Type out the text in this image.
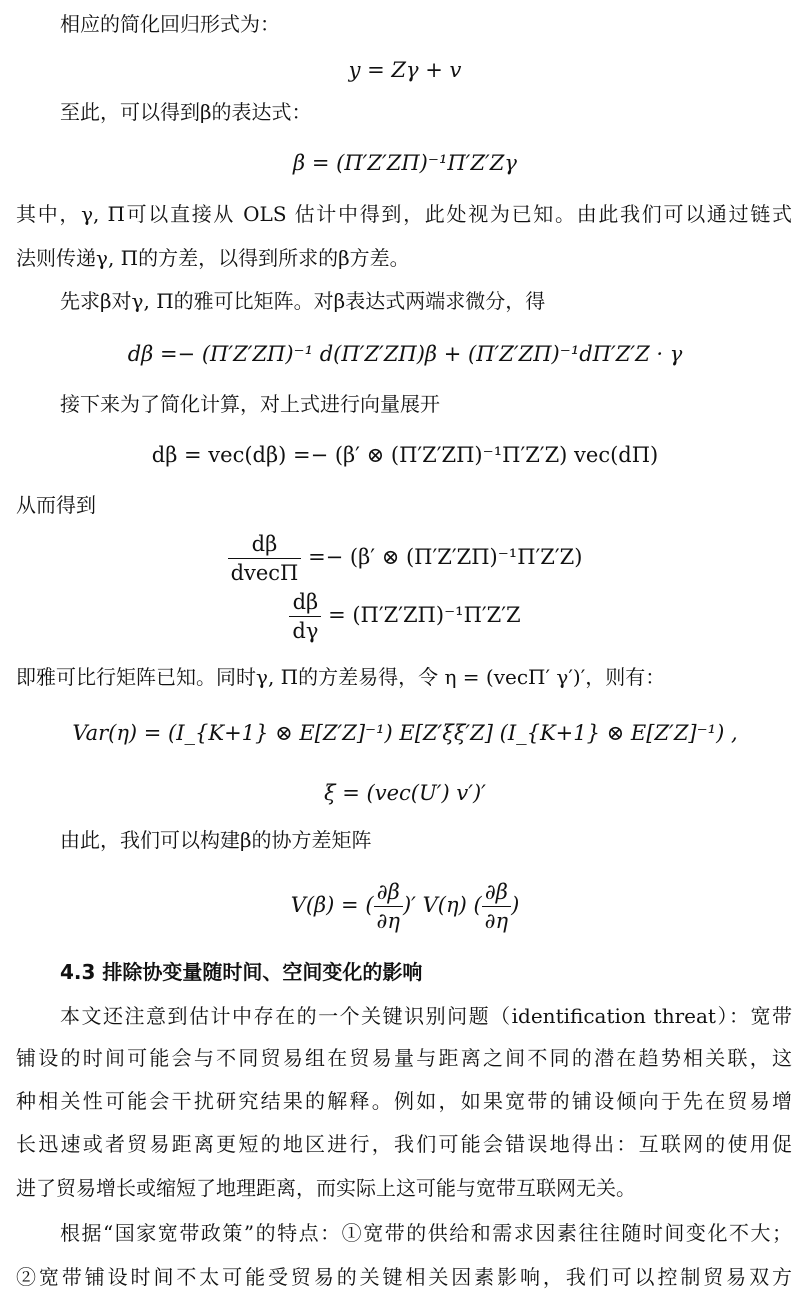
相应的简化回归形式为：
y = Zγ + v
至此，可以得到β的表达式：
β = (Π′Z′ZΠ)⁻¹Π′Z′Zγ
其中，γ, Π可以直接从 OLS 估计中得到，此处视为已知。由此我们可以通过链式
法则传递γ, Π的方差，以得到所求的β方差。
先求β对γ, Π的雅可比矩阵。对β表达式两端求微分，得
dβ =− (Π′Z′ZΠ)⁻¹ d(Π′Z′ZΠ)β + (Π′Z′ZΠ)⁻¹dΠ′Z′Z · γ
接下来为了简化计算，对上式进行向量展开
dβ = vec(dβ) =− (β′ ⊗ (Π′Z′ZΠ)⁻¹Π′Z′Z) vec(dΠ)
从而得到
$\frac{d\beta}{\text{dvecΠ}} =- (\beta'$ ⊗ (Π′Z′ZΠ)⁻¹Π′Z′Z)
$\frac{d\beta}{d\gamma} = (\Pi'Z'Z\Pi)^{-1}\Pi'Z'Z$
即雅可比行矩阵已知。同时γ, Π的方差易得，令 η = (vecΠ′ γ′)′，则有：
Var(η) = (I_{K+1} ⊗ E[Z′Z]⁻¹) E[Z′ξξ′Z] (I_{K+1} ⊗ E[Z′Z]⁻¹) ,
ξ = (vec(U′) v′)′
由此，我们可以构建β的协方差矩阵
V(β) = ( $\frac{\partial\beta}{\partial\eta}$ )′ V(η) ( $\frac{\partial\beta}{\partial\eta}$ )
4.3 排除协变量随时间、空间变化的影响
本文还注意到估计中存在的一个关键识别问题（identification threat）：宽带
铺设的时间可能会与不同贸易组在贸易量与距离之间不同的潜在趋势相关联，这
种相关性可能会干扰研究结果的解释。例如，如果宽带的铺设倾向于先在贸易增
长迅速或者贸易距离更短的地区进行，我们可能会错误地得出：互联网的使用促
进了贸易增长或缩短了地理距离，而实际上这可能与宽带互联网无关。
根据“国家宽带政策”的特点：①宽带的供给和需求因素往往随时间变化不大；
②宽带铺设时间不太可能受贸易的关键相关因素影响，我们可以控制贸易双方
